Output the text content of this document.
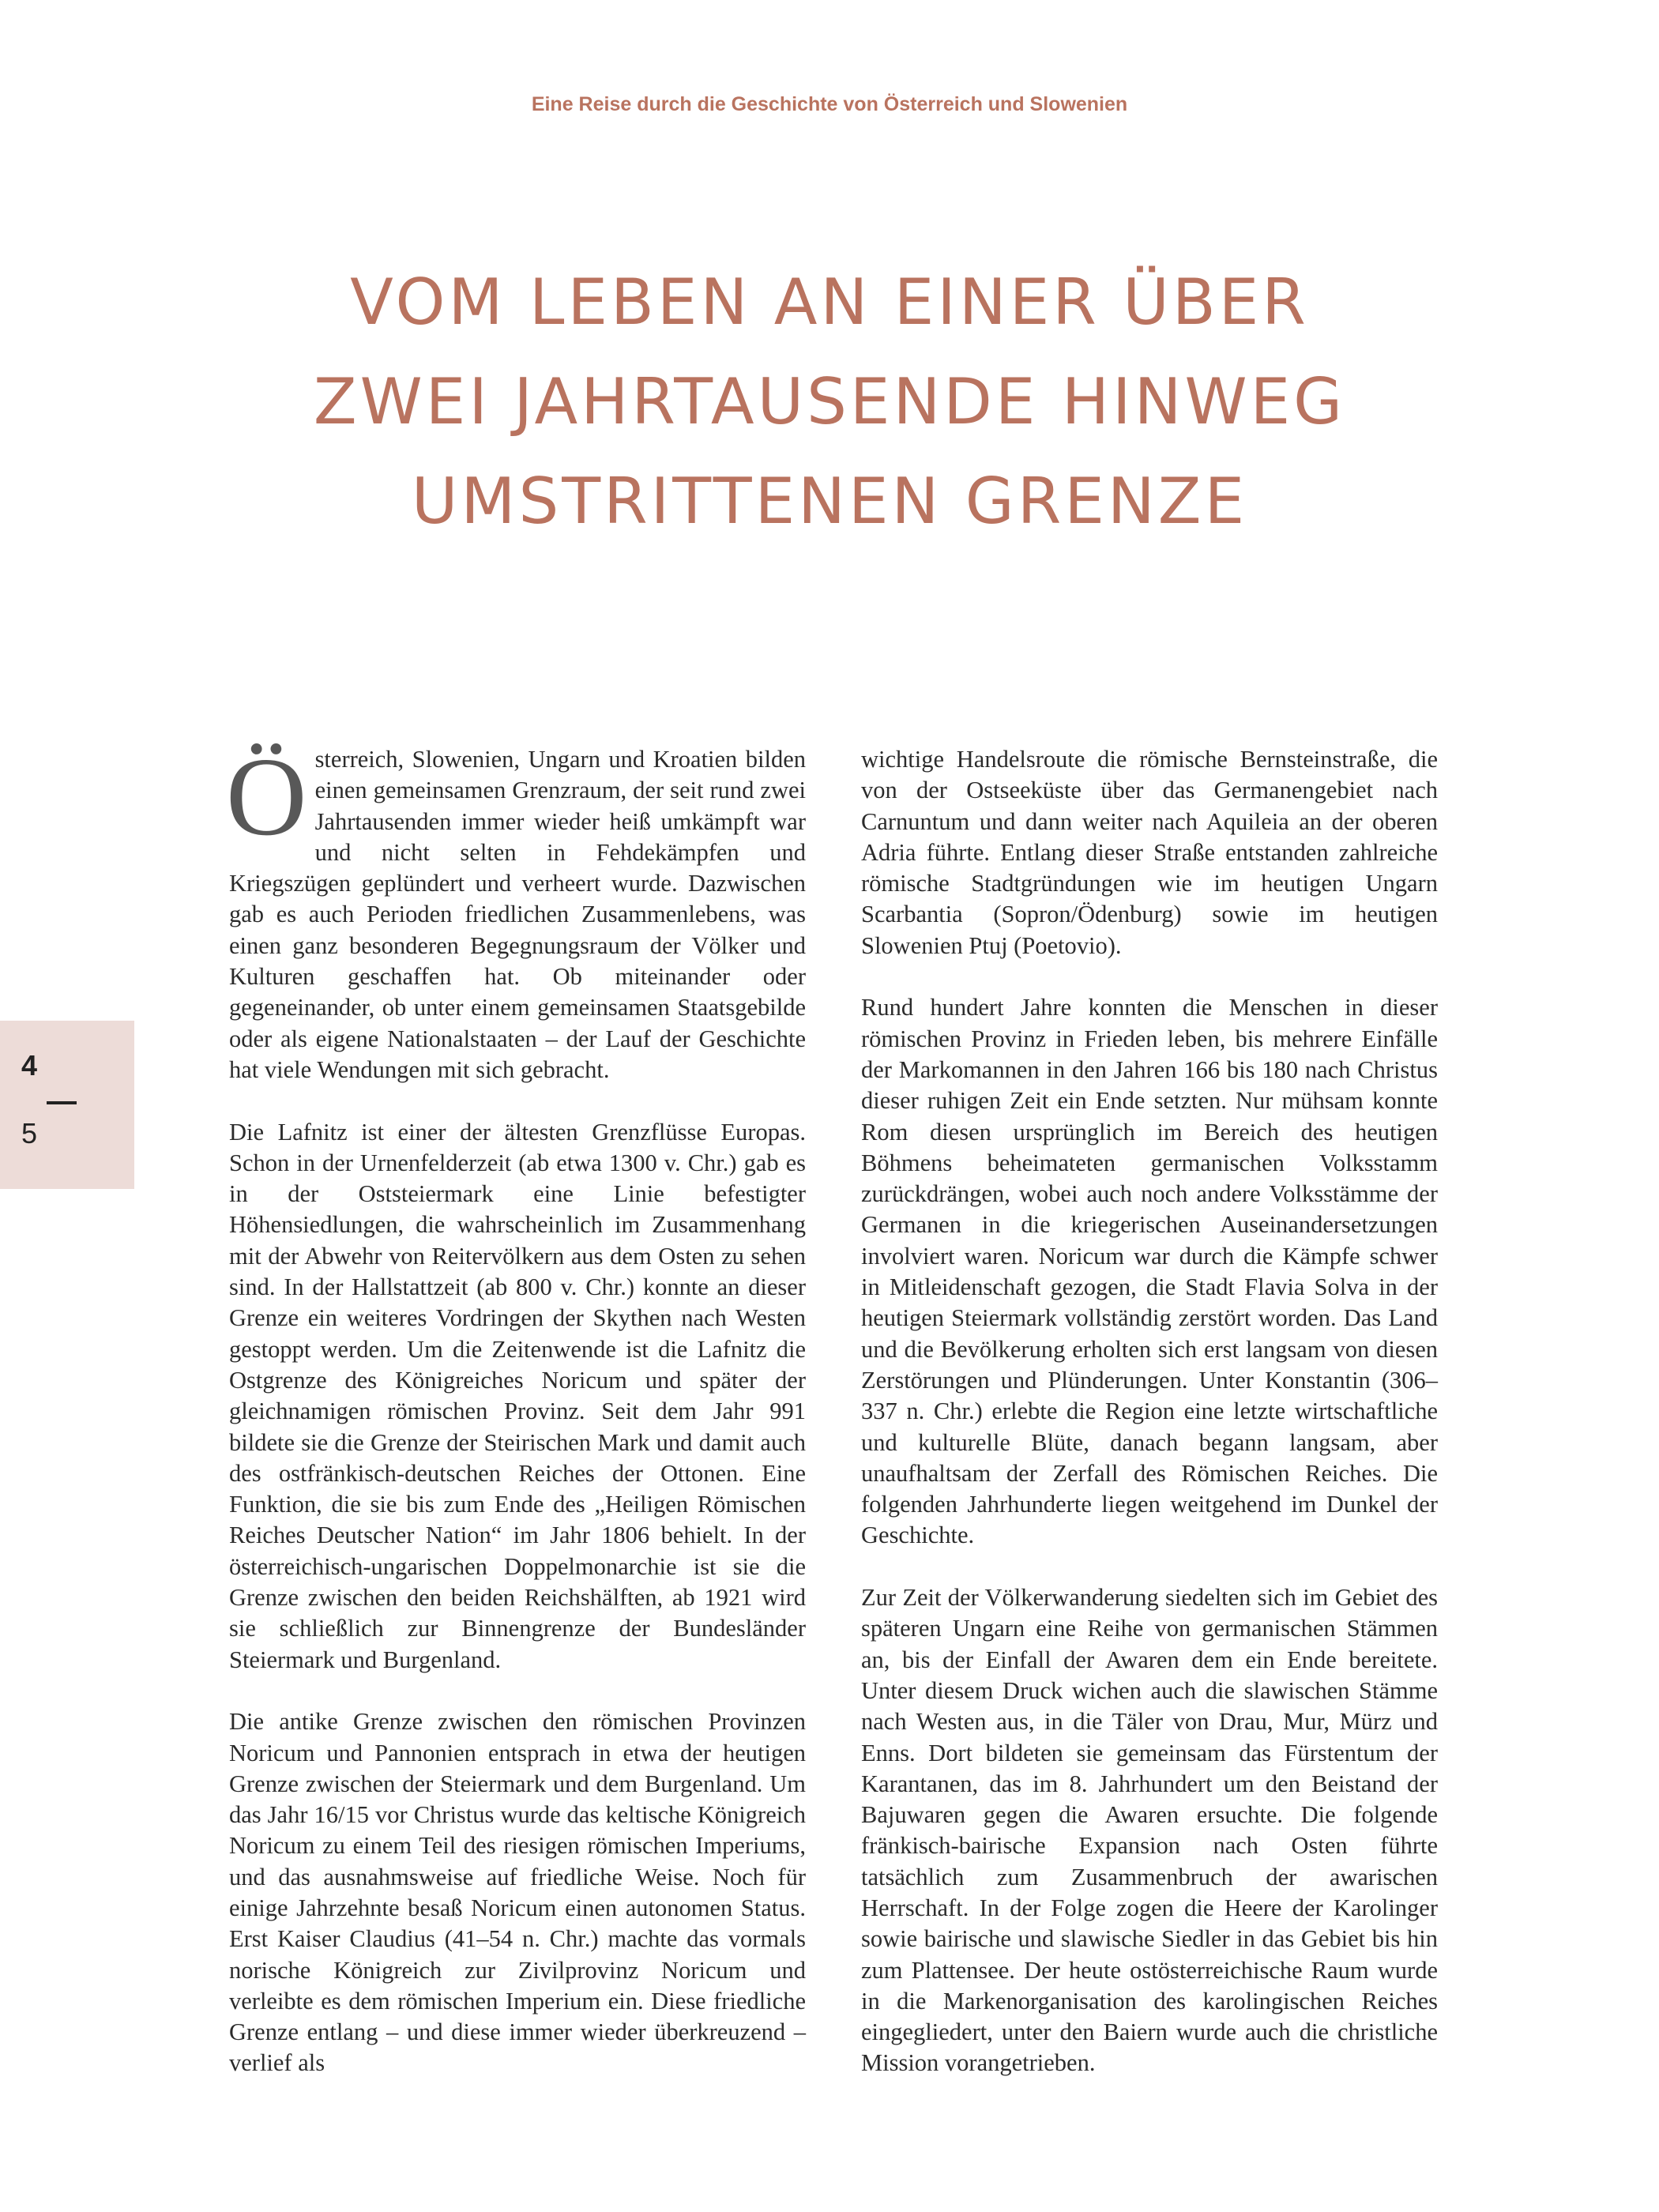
Eine Reise durch die Geschichte von Österreich und Slowenien
VOM LEBEN AN EINER ÜBER
ZWEI JAHRTAUSENDE HINWEG
UMSTRITTENEN GRENZE
4
5

Österreich, Slowenien, Ungarn und Kroatien bilden einen gemeinsamen Grenzraum, der seit rund zwei Jahrtausenden immer wieder heiß umkämpft war und nicht selten in Fehdekämpfen und Kriegszügen geplündert und verheert wurde. Dazwischen gab es auch Perioden friedlichen Zusammenlebens, was einen ganz besonderen Begegnungsraum der Völker und Kulturen geschaffen hat. Ob miteinander oder gegeneinander, ob unter einem gemeinsamen Staatsgebilde oder als eigene Nationalstaaten – der Lauf der Geschichte hat viele Wendungen mit sich gebracht.

Die Lafnitz ist einer der ältesten Grenzflüsse Europas. Schon in der Urnenfelderzeit (ab etwa 1300 v. Chr.) gab es in der Oststeiermark eine Linie befestigter Höhensiedlungen, die wahrscheinlich im Zusammenhang mit der Abwehr von Reitervölkern aus dem Osten zu sehen sind. In der Hallstattzeit (ab 800 v. Chr.) konnte an dieser Grenze ein weiteres Vordringen der Skythen nach Westen gestoppt werden. Um die Zeitenwende ist die Lafnitz die Ostgrenze des Königreiches Noricum und später der gleichnamigen römischen Provinz. Seit dem Jahr 991 bildete sie die Grenze der Steirischen Mark und damit auch des ostfränkisch-deutschen Reiches der Ottonen. Eine Funktion, die sie bis zum Ende des „Heiligen Römischen Reiches Deutscher Nation“ im Jahr 1806 behielt. In der österreichisch-ungarischen Doppelmonarchie ist sie die Grenze zwischen den beiden Reichshälften, ab 1921 wird sie schließlich zur Binnengrenze der Bundesländer Steiermark und Burgenland.

Die antike Grenze zwischen den römischen Provinzen Noricum und Pannonien entsprach in etwa der heutigen Grenze zwischen der Steiermark und dem Burgenland. Um das Jahr 16/15 vor Christus wurde das keltische Königreich Noricum zu einem Teil des riesigen römischen Imperiums, und das ausnahmsweise auf friedliche Weise. Noch für einige Jahrzehnte besaß Noricum einen autonomen Status. Erst Kaiser Claudius (41–54 n. Chr.) machte das vormals norische Königreich zur Zivilprovinz Noricum und verleibte es dem römischen Imperium ein. Diese friedliche Grenze entlang – und diese immer wieder überkreuzend – verlief als

wichtige Handelsroute die römische Bernsteinstraße, die von der Ostseeküste über das Germanengebiet nach Carnuntum und dann weiter nach Aquileia an der oberen Adria führte. Entlang dieser Straße entstanden zahlreiche römische Stadtgründungen wie im heutigen Ungarn Scarbantia (Sopron/Ödenburg) sowie im heutigen Slowenien Ptuj (Poetovio).

Rund hundert Jahre konnten die Menschen in dieser römischen Provinz in Frieden leben, bis mehrere Einfälle der Markomannen in den Jahren 166 bis 180 nach Christus dieser ruhigen Zeit ein Ende setzten. Nur mühsam konnte Rom diesen ursprünglich im Bereich des heutigen Böhmens beheimateten germanischen Volksstamm zurückdrängen, wobei auch noch andere Volksstämme der Germanen in die kriegerischen Auseinandersetzungen involviert waren. Noricum war durch die Kämpfe schwer in Mitleidenschaft gezogen, die Stadt Flavia Solva in der heutigen Steiermark vollständig zerstört worden. Das Land und die Bevölkerung erholten sich erst langsam von diesen Zerstörungen und Plünderungen. Unter Konstantin (306–337 n. Chr.) erlebte die Region eine letzte wirtschaftliche und kulturelle Blüte, danach begann langsam, aber unaufhaltsam der Zerfall des Römischen Reiches. Die folgenden Jahrhunderte liegen weitgehend im Dunkel der Geschichte.

Zur Zeit der Völkerwanderung siedelten sich im Gebiet des späteren Ungarn eine Reihe von germanischen Stämmen an, bis der Einfall der Awaren dem ein Ende bereitete. Unter diesem Druck wichen auch die slawischen Stämme nach Westen aus, in die Täler von Drau, Mur, Mürz und Enns. Dort bildeten sie gemeinsam das Fürstentum der Karantanen, das im 8. Jahrhundert um den Beistand der Bajuwaren gegen die Awaren ersuchte. Die folgende fränkisch-bairische Expansion nach Osten führte tatsächlich zum Zusammenbruch der awarischen Herrschaft. In der Folge zogen die Heere der Karolinger sowie bairische und slawische Siedler in das Gebiet bis hin zum Plattensee. Der heute ostösterreichische Raum wurde in die Markenorganisation des karolingischen Reiches eingegliedert, unter den Baiern wurde auch die christliche Mission vorangetrieben.
